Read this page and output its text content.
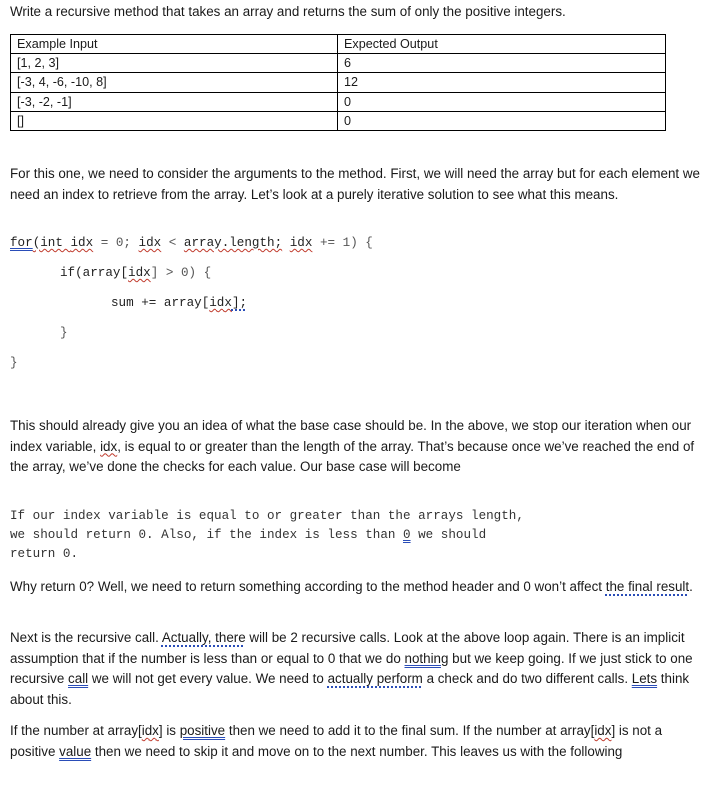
Write a recursive method that takes an array and returns the sum of only the positive integers.
Example Input	Expected Output
[1, 2, 3]	6
[-3, 4, -6, -10, 8]	12
[-3, -2, -1]	0
[]	0
For this one, we need to consider the arguments to the method. First, we will need the array but for each element we need an index to retrieve from the array. Let’s look at a purely iterative solution to see what this means.
for(int idx = 0; idx < array.length; idx += 1) {
if(array[idx] > 0) {
sum += array[idx];
}
}
This should already give you an idea of what the base case should be. In the above, we stop our iteration when our index variable, idx, is equal to or greater than the length of the array. That’s because once we’ve reached the end of the array, we’ve done the checks for each value. Our base case will become
If our index variable is equal to or greater than the arrays length,
we should return 0. Also, if the index is less than 0 we should
return 0.
Why return 0? Well, we need to return something according to the method header and 0 won’t affect the final result.
Next is the recursive call. Actually, there will be 2 recursive calls. Look at the above loop again. There is an implicit assumption that if the number is less than or equal to 0 that we do nothing but we keep going. If we just stick to one recursive call we will not get every value. We need to actually perform a check and do two different calls. Lets think about this.
If the number at array[idx] is positive then we need to add it to the final sum. If the number at array[idx] is not a positive value then we need to skip it and move on to the next number. This leaves us with the following
